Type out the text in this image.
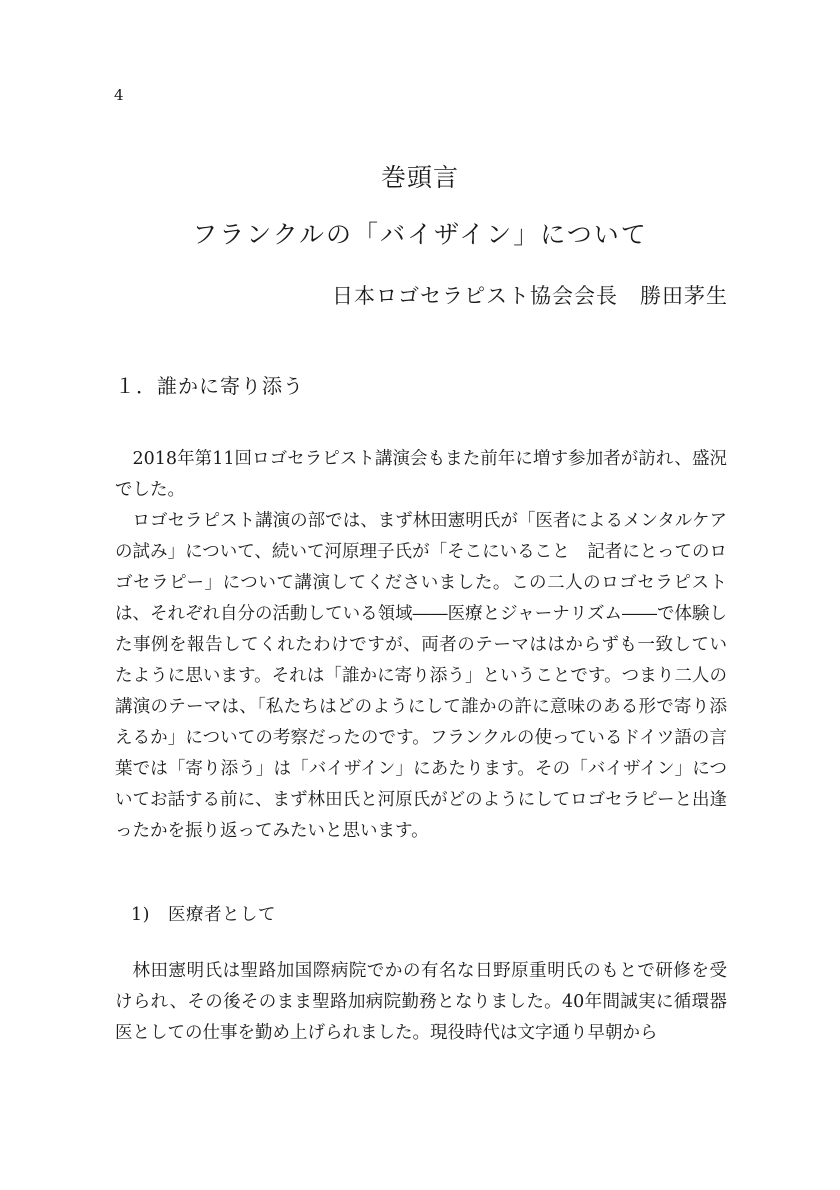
4
巻頭言
フランクルの「バイザイン」について
日本ロゴセラピスト協会会長　勝田茅生
１．誰かに寄り添う

2018年第11回ロゴセラピスト講演会もまた前年に増す参加者が訪れ、盛況でした。

ロゴセラピスト講演の部では、まず林田憲明氏が「医者によるメンタルケアの試み」について、続いて河原理子氏が「そこにいること　記者にとってのロゴセラピー」について講演してくださいました。この二人のロゴセラピストは、それぞれ自分の活動している領域――医療とジャーナリズム――で体験した事例を報告してくれたわけですが、両者のテーマははからずも一致していたように思います。それは「誰かに寄り添う」ということです。つまり二人の講演のテーマは、「私たちはどのようにして誰かの許に意味のある形で寄り添えるか」についての考察だったのです。フランクルの使っているドイツ語の言葉では「寄り添う」は「バイザイン」にあたります。その「バイザイン」についてお話する前に、まず林田氏と河原氏がどのようにしてロゴセラピーと出逢ったかを振り返ってみたいと思います。

1)　医療者として

林田憲明氏は聖路加国際病院でかの有名な日野原重明氏のもとで研修を受けられ、その後そのまま聖路加病院勤務となりました。40年間誠実に循環器医としての仕事を勤め上げられました。現役時代は文字通り早朝から
